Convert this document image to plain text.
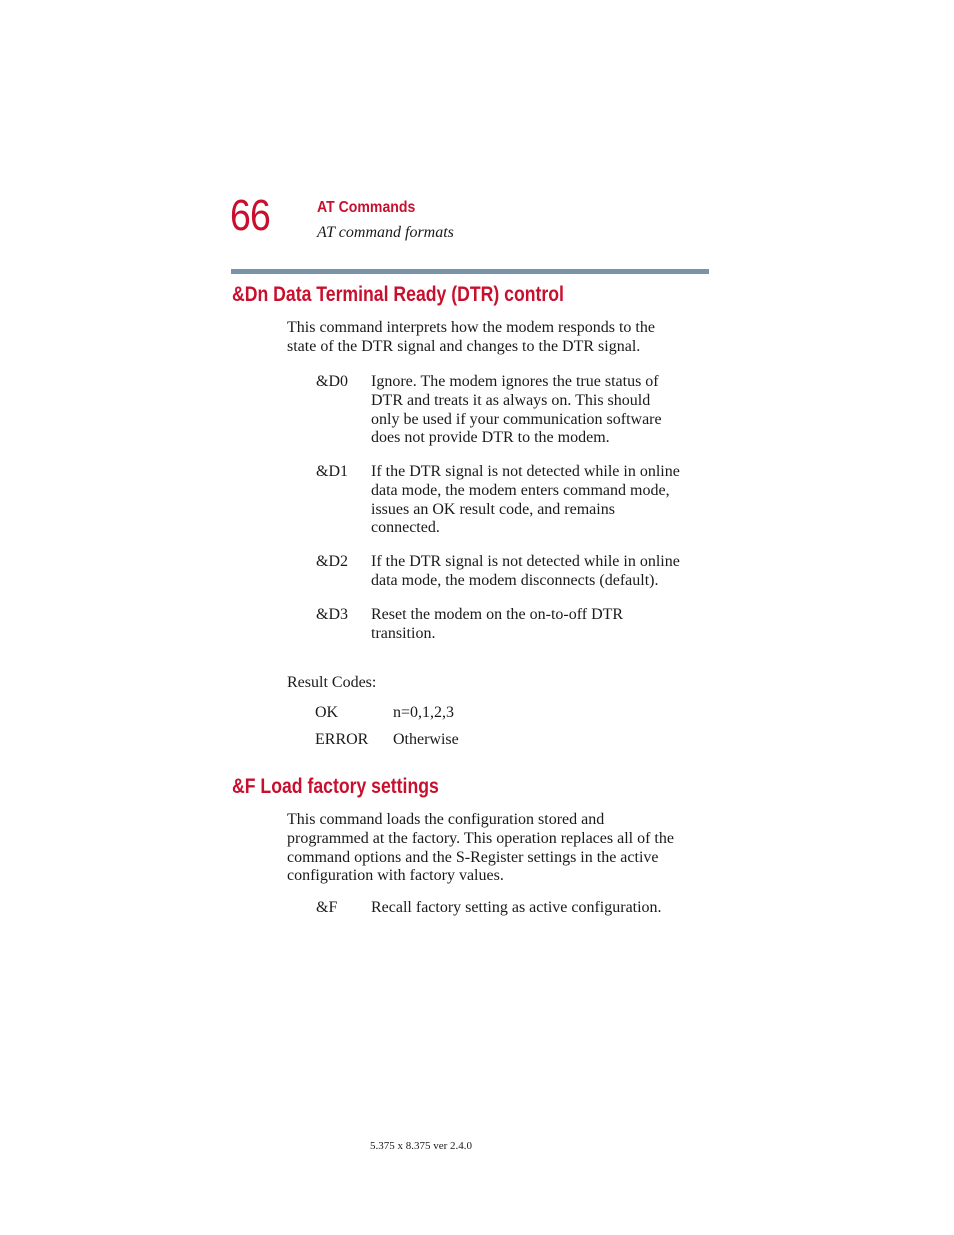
66	AT Commands
AT command formats
&Dn Data Terminal Ready (DTR) control
This command interprets how the modem responds to the
state of the DTR signal and changes to the DTR signal.
&D0 Ignore. The modem ignores the true status of
DTR and treats it as always on. This should
only be used if your communication software
does not provide DTR to the modem.
&D1 If the DTR signal is not detected while in online
data mode, the modem enters command mode,
issues an OK result code, and remains
connected.
&D2 If the DTR signal is not detected while in online
data mode, the modem disconnects (default).
&D3 Reset the modem on the on-to-off DTR
transition.
Result Codes:
OK	n=0,1,2,3
ERROR Otherwise
&F Load factory settings
This command loads the configuration stored and
programmed at the factory. This operation replaces all of the
command options and the S-Register settings in the active
configuration with factory values.
&F Recall factory setting as active configuration.
5.375 x 8.375 ver 2.4.0
